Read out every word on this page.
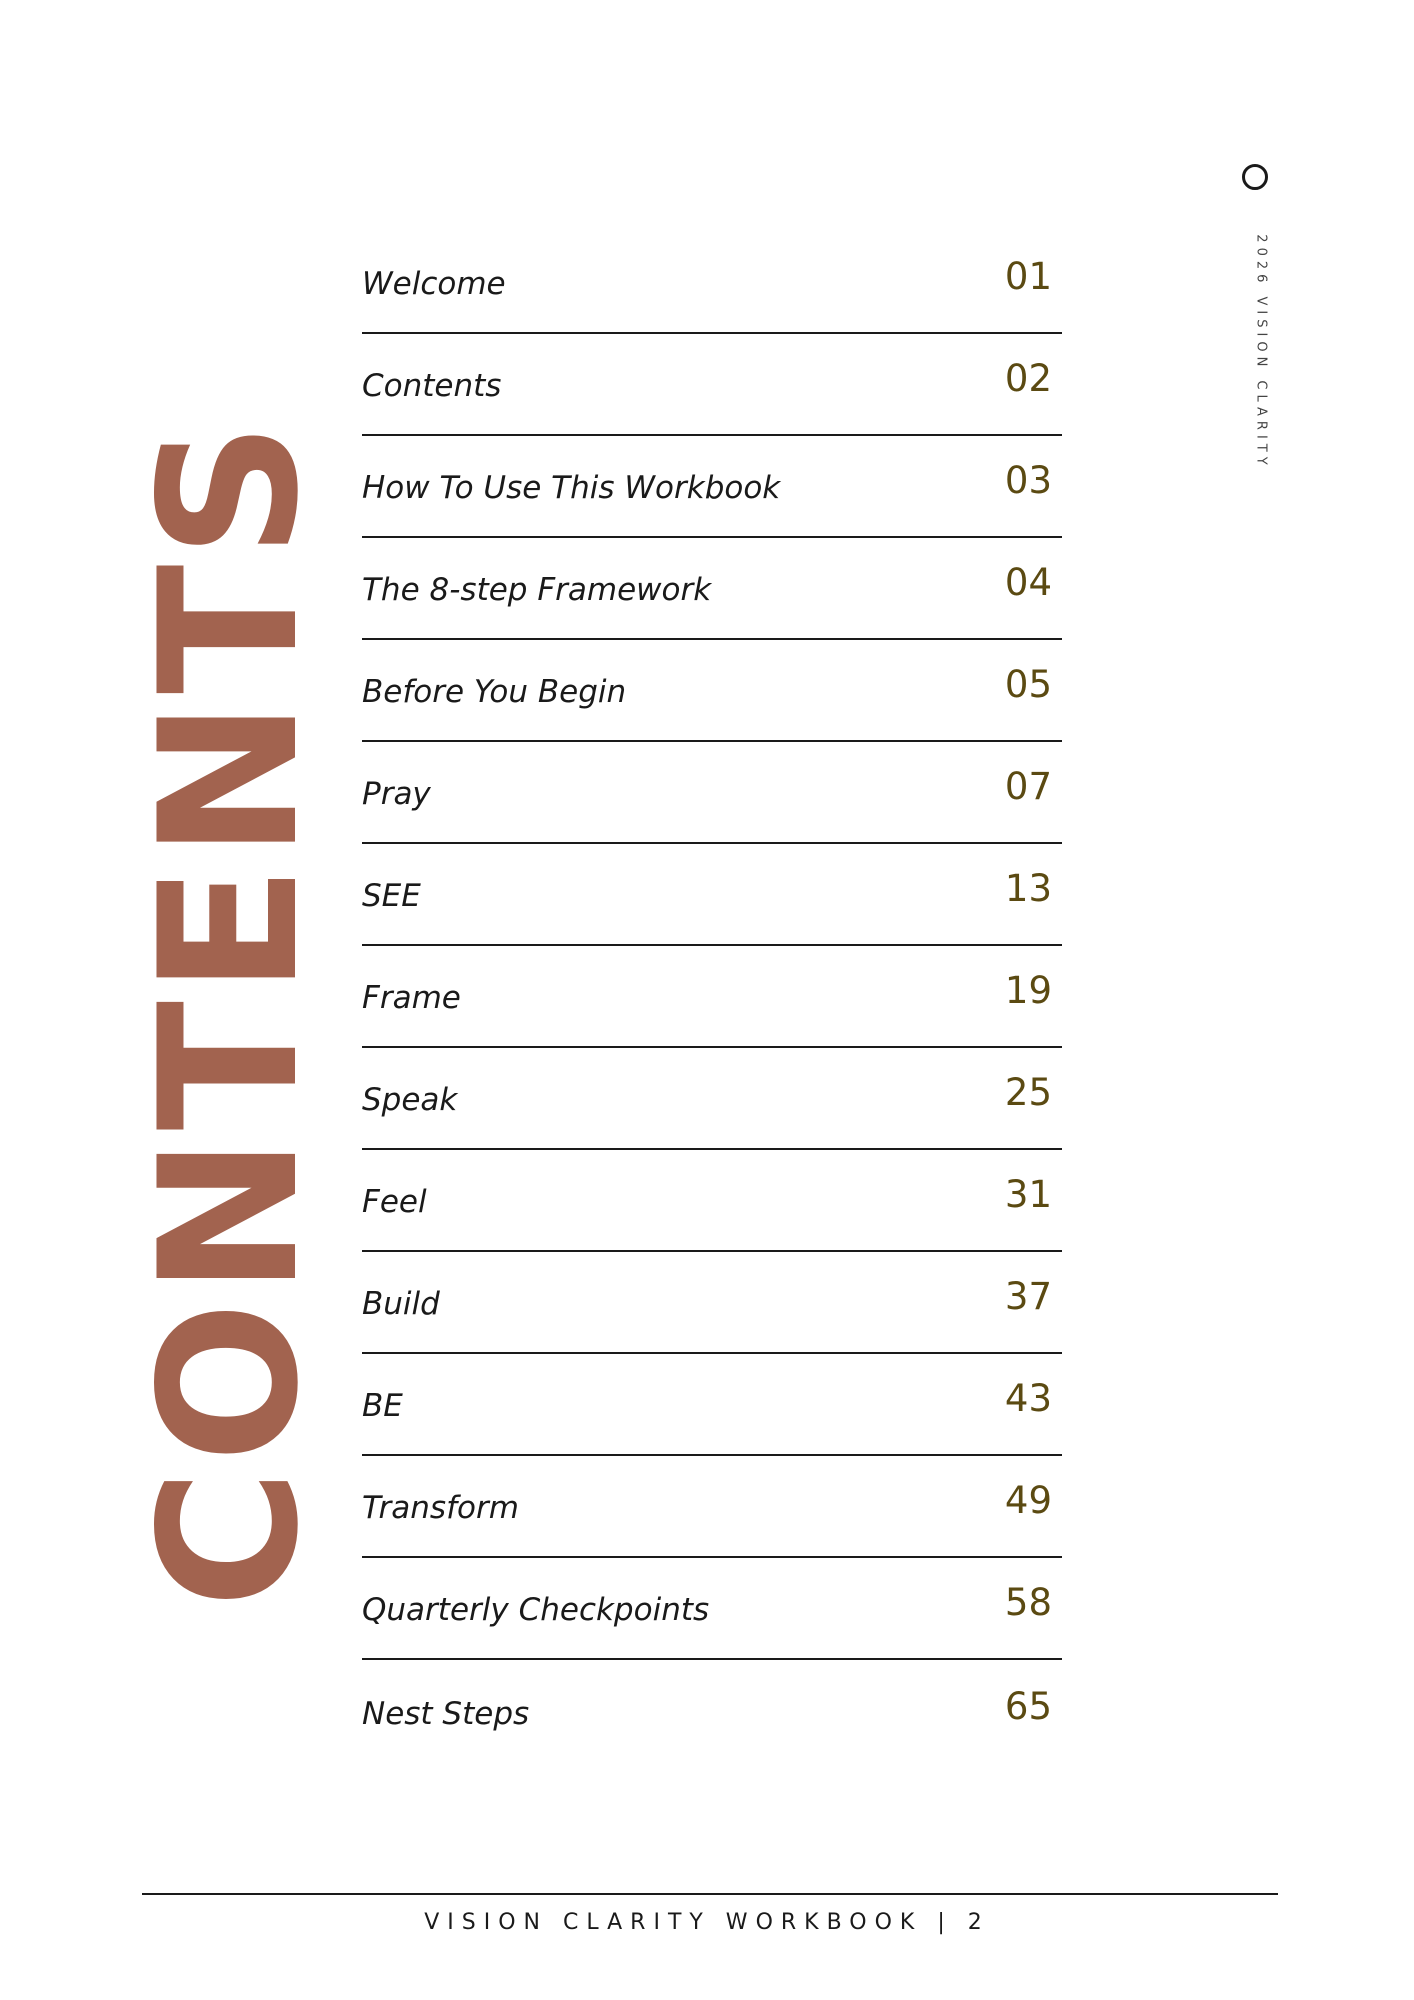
CONTENTS
2026 VISION CLARITY
Welcome	01
Contents	02
How To Use This Workbook	03
The 8-step Framework	04
Before You Begin	05
Pray	07
SEE	13
Frame	19
Speak	25
Feel	31
Build	37
BE	43
Transform	49
Quarterly Checkpoints	58
Nest Steps	65
VISION CLARITY WORKBOOK | 2
